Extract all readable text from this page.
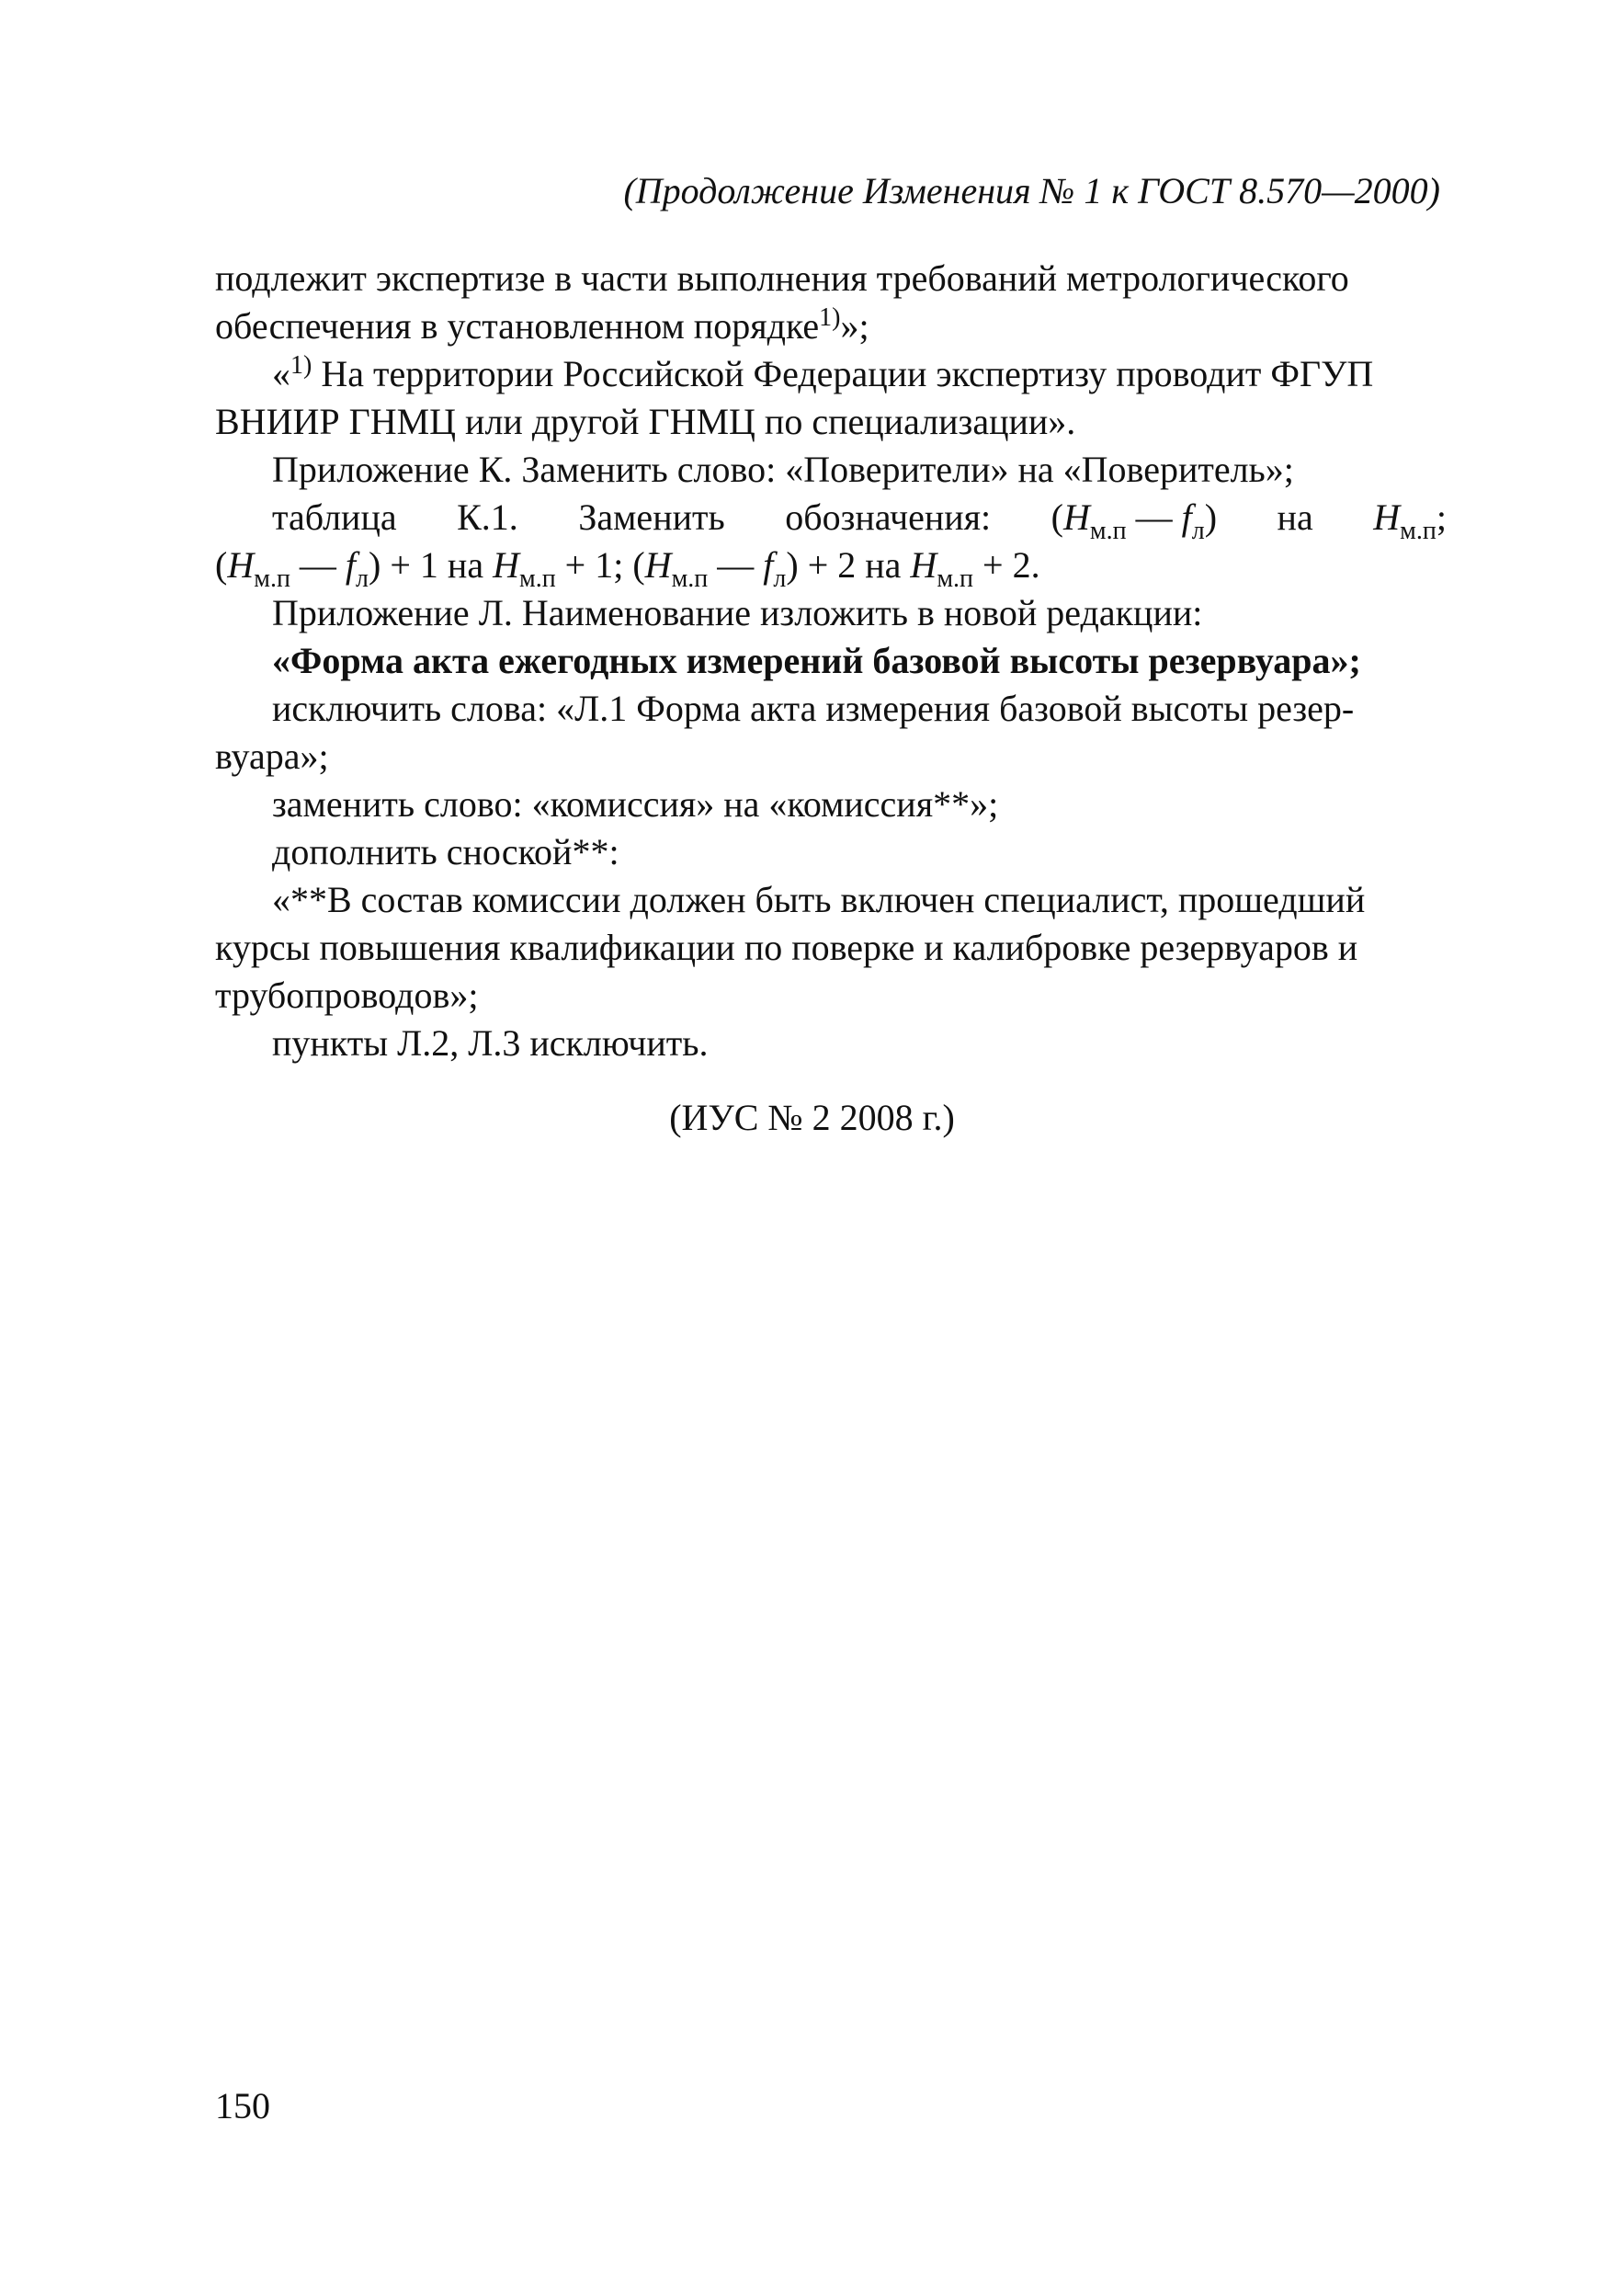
(Продолжение Изменения № 1 к ГОСТ 8.570—2000)
подлежит экспертизе в части выполнения требований метрологического
обеспечения в установленном порядке$^{1)}$»;
«$^{1)}$ На территории Российской Федерации экспертизу проводит ФГУП
ВНИИР ГНМЦ или другой ГНМЦ по специализации».
Приложение К. Заменить слово: «Поверители» на «Поверитель»;
таблица К.1. Заменить обозначения: ($H_{м.п}$ — $f_л$) на $H_{м.п}$;
($H_{м.п}$ — $f_л) + 1$ на $H_{м.п} + 1$; ($H_{м.п}$ — $f_л) + 2$ на $H_{м.п} + 2$.
Приложение Л. Наименование изложить в новой редакции:
«Форма акта ежегодных измерений базовой высоты резервуара»;
исключить слова: «Л.1 Форма акта измерения базовой высоты резер-
вуара»;
заменить слово: «комиссия» на «комиссия**»;
дополнить сноской**:
«**В состав комиссии должен быть включен специалист, прошедший
курсы повышения квалификации по поверке и калибровке резервуаров и
трубопроводов»;
пункты Л.2, Л.3 исключить.
(ИУС № 2 2008 г.)
150
